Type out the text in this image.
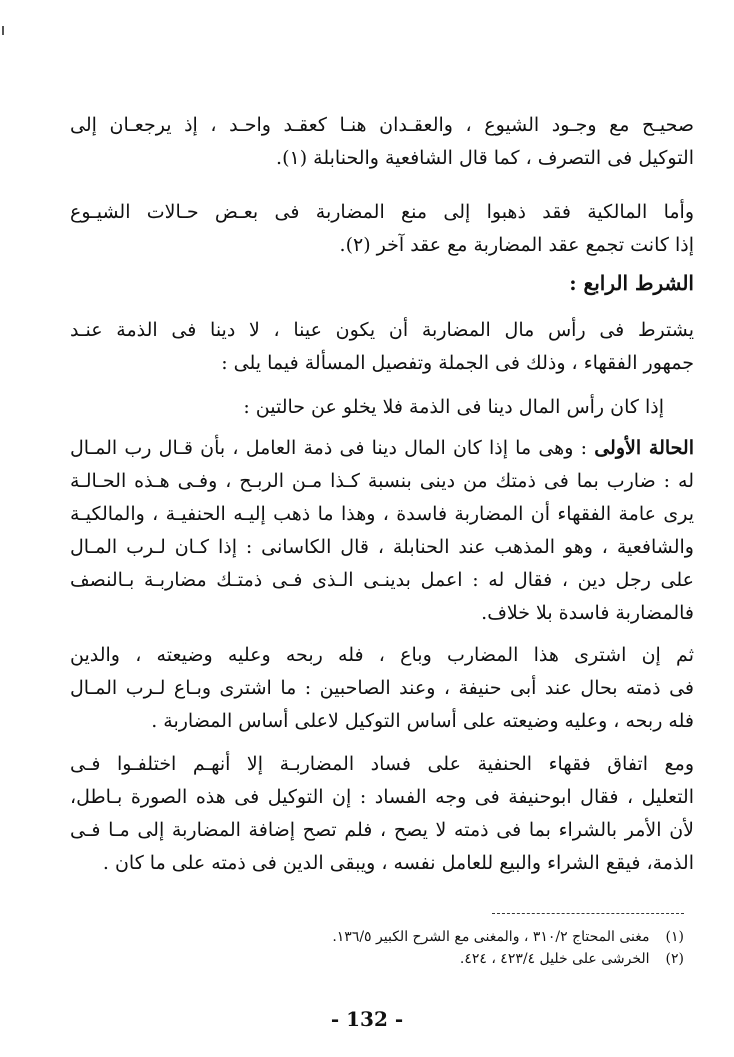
صحيـح مع وجـود الشيوع ، والعقـدان هنـا كعقـد واحـد ، إذ يرجعـان إلى
التوكيل فى التصرف ، كما قال الشافعية والحنابلة (١).
وأما المالكية فقد ذهبوا إلى منع المضاربة فى بعـض حـالات الشيـوع
إذا كانت تجمع عقد المضاربة مع عقد آخر (٢).
الشرط الرابع :
يشترط فى رأس مال المضاربة أن يكون عينا ، لا دينا فى الذمة عنـد
جمهور الفقهاء ، وذلك فى الجملة وتفصيل المسألة فيما يلى :
إذا كان رأس المال دينا فى الذمة فلا يخلو عن حالتين :
الحالة الأولى : وهى ما إذا كان المال دينا فى ذمة العامل ، بأن قـال رب المـال
له : ضارب بما فى ذمتك من دينى بنسبة كـذا مـن الربـح ، وفـى هـذه الحـالـة
يرى عامة الفقهاء أن المضاربة فاسدة ، وهذا ما ذهب إليـه الحنفيـة ، والمالكيـة
والشافعية ، وهو المذهب عند الحنابلة ، قال الكاسانى : إذا كـان لـرب المـال
على رجل دين ، فقال له : اعمل بدينـى الـذى فـى ذمتـك مضاربـة بـالنصف
فالمضاربة فاسدة بلا خلاف.
ثم إن اشترى هذا المضارب وباع ، فله ربحه وعليه وضيعته ، والدين
فى ذمته بحال عند أبى حنيفة ، وعند الصاحبين : ما اشترى وبـاع لـرب المـال
فله ربحه ، وعليه وضيعته على أساس التوكيل لاعلى أساس المضاربة .
ومع اتفاق فقهاء الحنفية على فساد المضاربـة إلا أنهـم اختلفـوا فـى
التعليل ، فقال ابوحنيفة فى وجه الفساد : إن التوكيل فى هذه الصورة بـاطل،
لأن الأمر بالشراء بما فى ذمته لا يصح ، فلم تصح إضافة المضاربة إلى مـا فـى
الذمة، فيقع الشراء والبيع للعامل نفسه ، ويبقى الدين فى ذمته على ما كان .
(١) مغنى المحتاج ٣١٠/٢ ، والمغنى مع الشرح الكبير ١٣٦/٥.
(٢) الخرشى على خليل ٤٢٣/٤ ، ٤٢٤.
- 132 -
